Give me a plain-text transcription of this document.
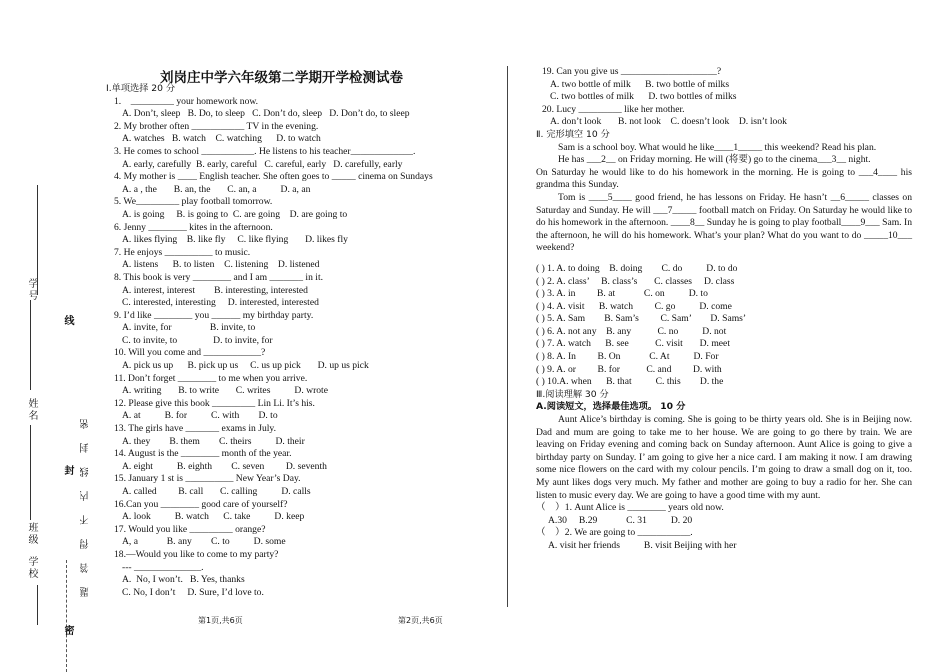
学号
姓名
班级
学校
线
封
密
题答得不内线封密
刘岗庄中学六年级第二学期开学检测试卷
Ⅰ.单项选择 20 分
1.    _________ your homework now.
A. Don’t, sleep   B. Do, to sleep   C. Don’t do, sleep   D. Don’t do, to sleep
2. My brother often ___________ TV in the evening.
A. watches   B. watch    C. watching      D. to watch
3. He comes to school ___________. He listens to his teacher_____________.
A. early, carefully  B. early, careful   C. careful, early   D. carefully, early
4. My mother is ____ English teacher. She often goes to _____ cinema on Sundays
A. a , the       B. an, the       C. an, a          D. a, an
5. We_________ play football tomorrow.
A. is going     B. is going to  C. are going    D. are going to
6. Jenny ________ kites in the afternoon.
A. likes flying    B. like fly     C. like flying       D. likes fly
7. He enjoys __________ to music.
A. listens      B. to listen    C. listening    D. listened
8. This book is very ________ and I am _______ in it.
A. interest, interest        B. interesting, interested
C. interested, interesting     D. interested, interested
9. I’d like ________ you ______ my birthday party.
A. invite, for                B. invite, to
C. to invite, to               D. to invite, for
10. Will you come and ____________?
A. pick us up      B. pick up us     C. us up pick       D. up us pick
11. Don’t forget ________ to me when you arrive.
A. writing       B. to write       C. writes          D. wrote
12. Please give this book _________ Lin Li. It’s his.
A. at          B. for          C. with        D. to
13. The girls have _______ exams in July.
A. they        B. them        C. theirs          D. their
14. August is the ________ month of the year.
A. eight          B. eighth        C. seven         D. seventh
15. January 1 st is __________ New Year’s Day.
A. called         B. call       C. calling          D. calls
16.Can you ________ good care of yourself?
A. look          B. watch      C. take          D. keep
17. Would you like _________ orange?
A, a            B. any        C. to          D. some
18.—Would you like to come to my party?
--- ______________.
A.  No, I won’t.   B. Yes, thanks
C. No, I don’t     D. Sure, I’d love to.
19. Can you give us ____________________?
A. two bottle of milk      B. two bottle of milks
C. two bottles of milk      D. two bottles of milks
20. Lucy _________ like her mother.
A. don’t look       B. not look    C. doesn’t look    D. isn’t look
Ⅱ. 完形填空 10 分
Sam is a school boy. What would he like____1_____ this weekend? Read his plan.
He has ___2__ on Friday morning. He will (将要) go to the cinema___3__ night.
On Saturday he would like to do his homework in the morning. He is going to ___4____ his grandma this Sunday.
Tom is ____5____ good friend, he has lessons on Friday. He hasn’t __6_____ classes on Saturday and Sunday. He will ___7_____ football match on Friday. On Saturday he would like to do his homework in the afternoon. ____8__ Sunday he is going to play football____9___ Sam. In the afternoon, he will do his homework. What’s your plan? What do you want to do _____10___ weekend?
( ) 1. A. to doing    B. doing        C. do          D. to do
( ) 2. A. class’     B. class’s       C. classes     D. class
( ) 3. A. in         B. at            C. on          D. to
( ) 4. A. visit      B. watch         C. go          D. come
( ) 5. A. Sam        B. Sam’s         C. Sam’        D. Sams’
( ) 6. A. not any    B. any           C. no          D. not
( ) 7. A. watch      B. see           C. visit       D. meet
( ) 8. A. In         B. On            C. At          D. For
( ) 9. A. or         B. for           C. and         D. with
( ) 10.A. when      B. that          C. this        D. the
Ⅲ.阅读理解 30 分
A.阅读短文，选择最佳选项。 10 分
Aunt Alice’s birthday is coming. She is going to be thirty years old. She is in Beijing now. Dad and mum are going to take me to her house. We are going to go there by train. We are leaving on Friday evening and coming back on Sunday afternoon. Aunt Alice is going to give a birthday party on Sunday. I’ am going to give her a nice card. I am making it now. I am drawing some nice flowers on the card with my colour pencils. I’m going to draw a small dog on it, too. My aunt likes dogs very much. My father and mother are going to buy a radio for her. She can listen to music every day. We are going to have a good time with my aunt.
（    ）1. Aunt Alice is ________ years old now.
A.30     B.29            C. 31          D. 20
（    ）2. We are going to ___________.
A. visit her friends          B. visit Beijing with her
第1页,共6页	第2页,共6页
